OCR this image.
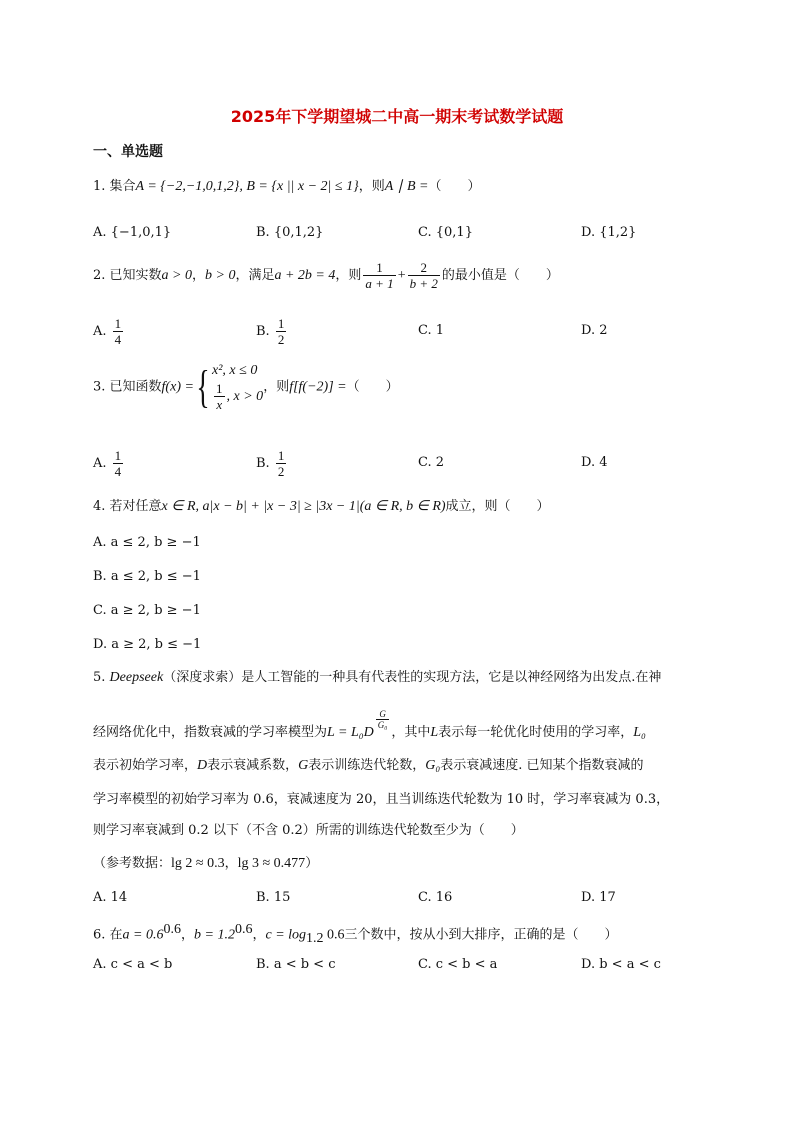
2025年下学期望城二中高一期末考试数学试题
一、单选题
1. 集合A = {−2,−1,0,1,2}, B = {x || x − 2| ≤ 1}，则A ∣ B =（　　）
A. {−1,0,1}	B. {0,1,2}	C. {0,1}	D. {1,2}
2. 已知实数a > 0，b > 0，满足a + 2b = 4，则 $\frac{1}{a + 1} + \frac{2}{b + 2}$ 的最小值是（　　）
A. $\frac{1}{4}$	B. $\frac{1}{2}$	C. 1	D. 2
3. 已知函数f(x) ={ x², x ≤ 0
$\frac{1}{x}$ , x > 0
，则f[f(−2)] =（　　）
A. $\frac{1}{4}$	B. $\frac{1}{2}$	C. 2	D. 4
4. 若对任意x ∈ R, a|x − b| + |x − 3| ≥ |3x − 1|(a ∈ R, b ∈ R)成立，则（　　）
A. a ≤ 2, b ≥ −1
B. a ≤ 2, b ≤ −1
C. a ≥ 2, b ≥ −1
D. a ≥ 2, b ≤ −1
5. Deepseek（深度求索）是人工智能的一种具有代表性的实现方法，它是以神经网络为出发点.在神
经网络优化中，指数衰减的学习率模型为L = L₀D
$^{\frac{G}{\text{G₀}}}$
，其中L表示每一轮优化时使用的学习率，L₀
表示初始学习率，D表示衰减系数，G表示训练迭代轮数，G₀表示衰减速度. 已知某个指数衰减的
学习率模型的初始学习率为 0.6，衰减速度为 20，且当训练迭代轮数为 10 时，学习率衰减为 0.3，
则学习率衰减到 0.2 以下（不含 0.2）所需的训练迭代轮数至少为（　　）
（参考数据：lg 2 ≈ 0.3，lg 3 ≈ 0.477）
A. 14	B. 15	C. 16	D. 17
6. 在$a = 0.6^{0.6}$，$b = 1.2^{0.6}$，$c = \log_{1.2} 0.6$三个数中，按从小到大排序，正确的是（　　）
A. c < a < b	B. a < b < c	C. c < b < a	D. b < a < c
